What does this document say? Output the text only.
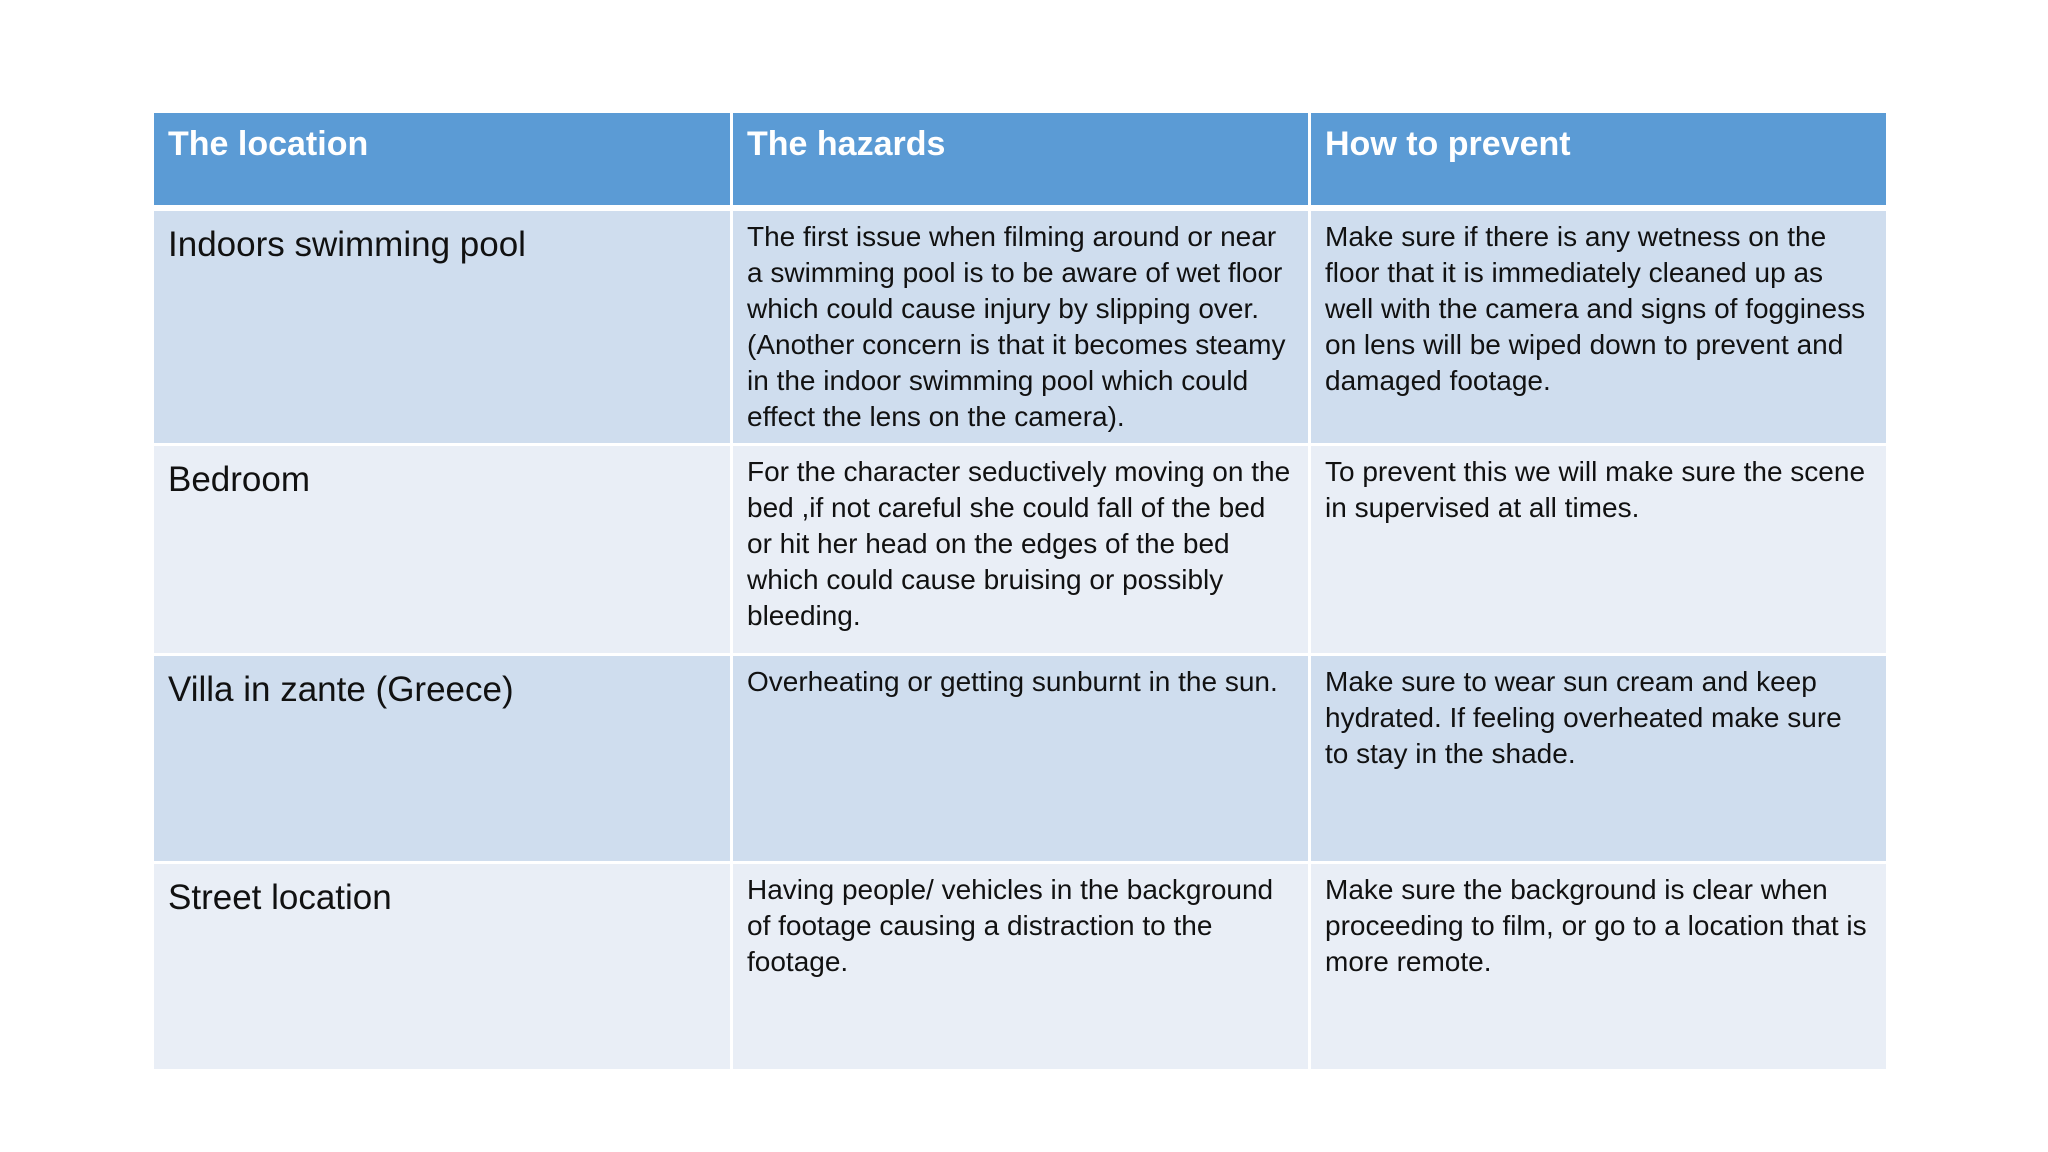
The location	The hazards	How to prevent
Indoors swimming pool	The first issue when filming around or near a swimming pool is to be aware of wet floor which could cause injury by slipping over. (Another concern is that it becomes steamy in the indoor swimming pool which could effect the lens on the camera).	Make sure if there is any wetness on the floor that it is immediately cleaned up as well with the camera and signs of fogginess on lens will be wiped down to prevent and damaged footage.
Bedroom	For the character seductively moving on the bed ,if not careful she could fall of the bed or hit her head on the edges of the bed which could cause bruising or possibly bleeding.	To prevent this we will make sure the scene in supervised at all times.
Villa in zante (Greece)	Overheating or getting sunburnt in the sun.	Make sure to wear sun cream and keep hydrated. If feeling overheated make sure to stay in the shade.
Street location	Having people/ vehicles in the background of footage causing a distraction to the footage.	Make sure the background is clear when proceeding to film, or go to a location that is more remote.
